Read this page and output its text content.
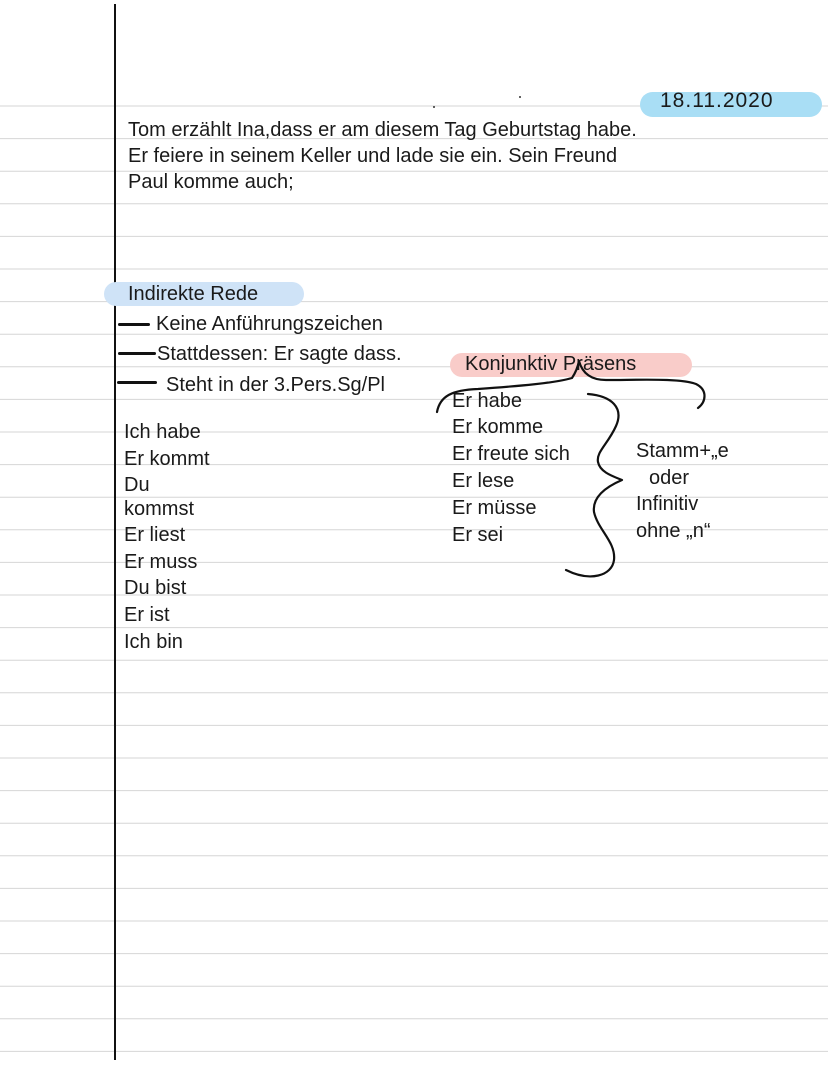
18.11.2020
Tom erzählt Ina,dass er am diesem Tag Geburtstag habe.
Er feiere in seinem Keller und lade sie ein. Sein Freund
Paul komme auch;
Indirekte Rede
Keine Anführungszeichen
Stattdessen: Er sagte dass.
Steht in der 3.Pers.Sg/Pl
Ich habe
Er kommt
Du
kommst
Er liest
Er muss
Du bist
Er ist
Ich bin
Konjunktiv Präsens
Er habe
Er komme
Er freute sich
Er lese
Er müsse
Er sei
Stamm+„e
oder
Infinitiv
ohne „n“
